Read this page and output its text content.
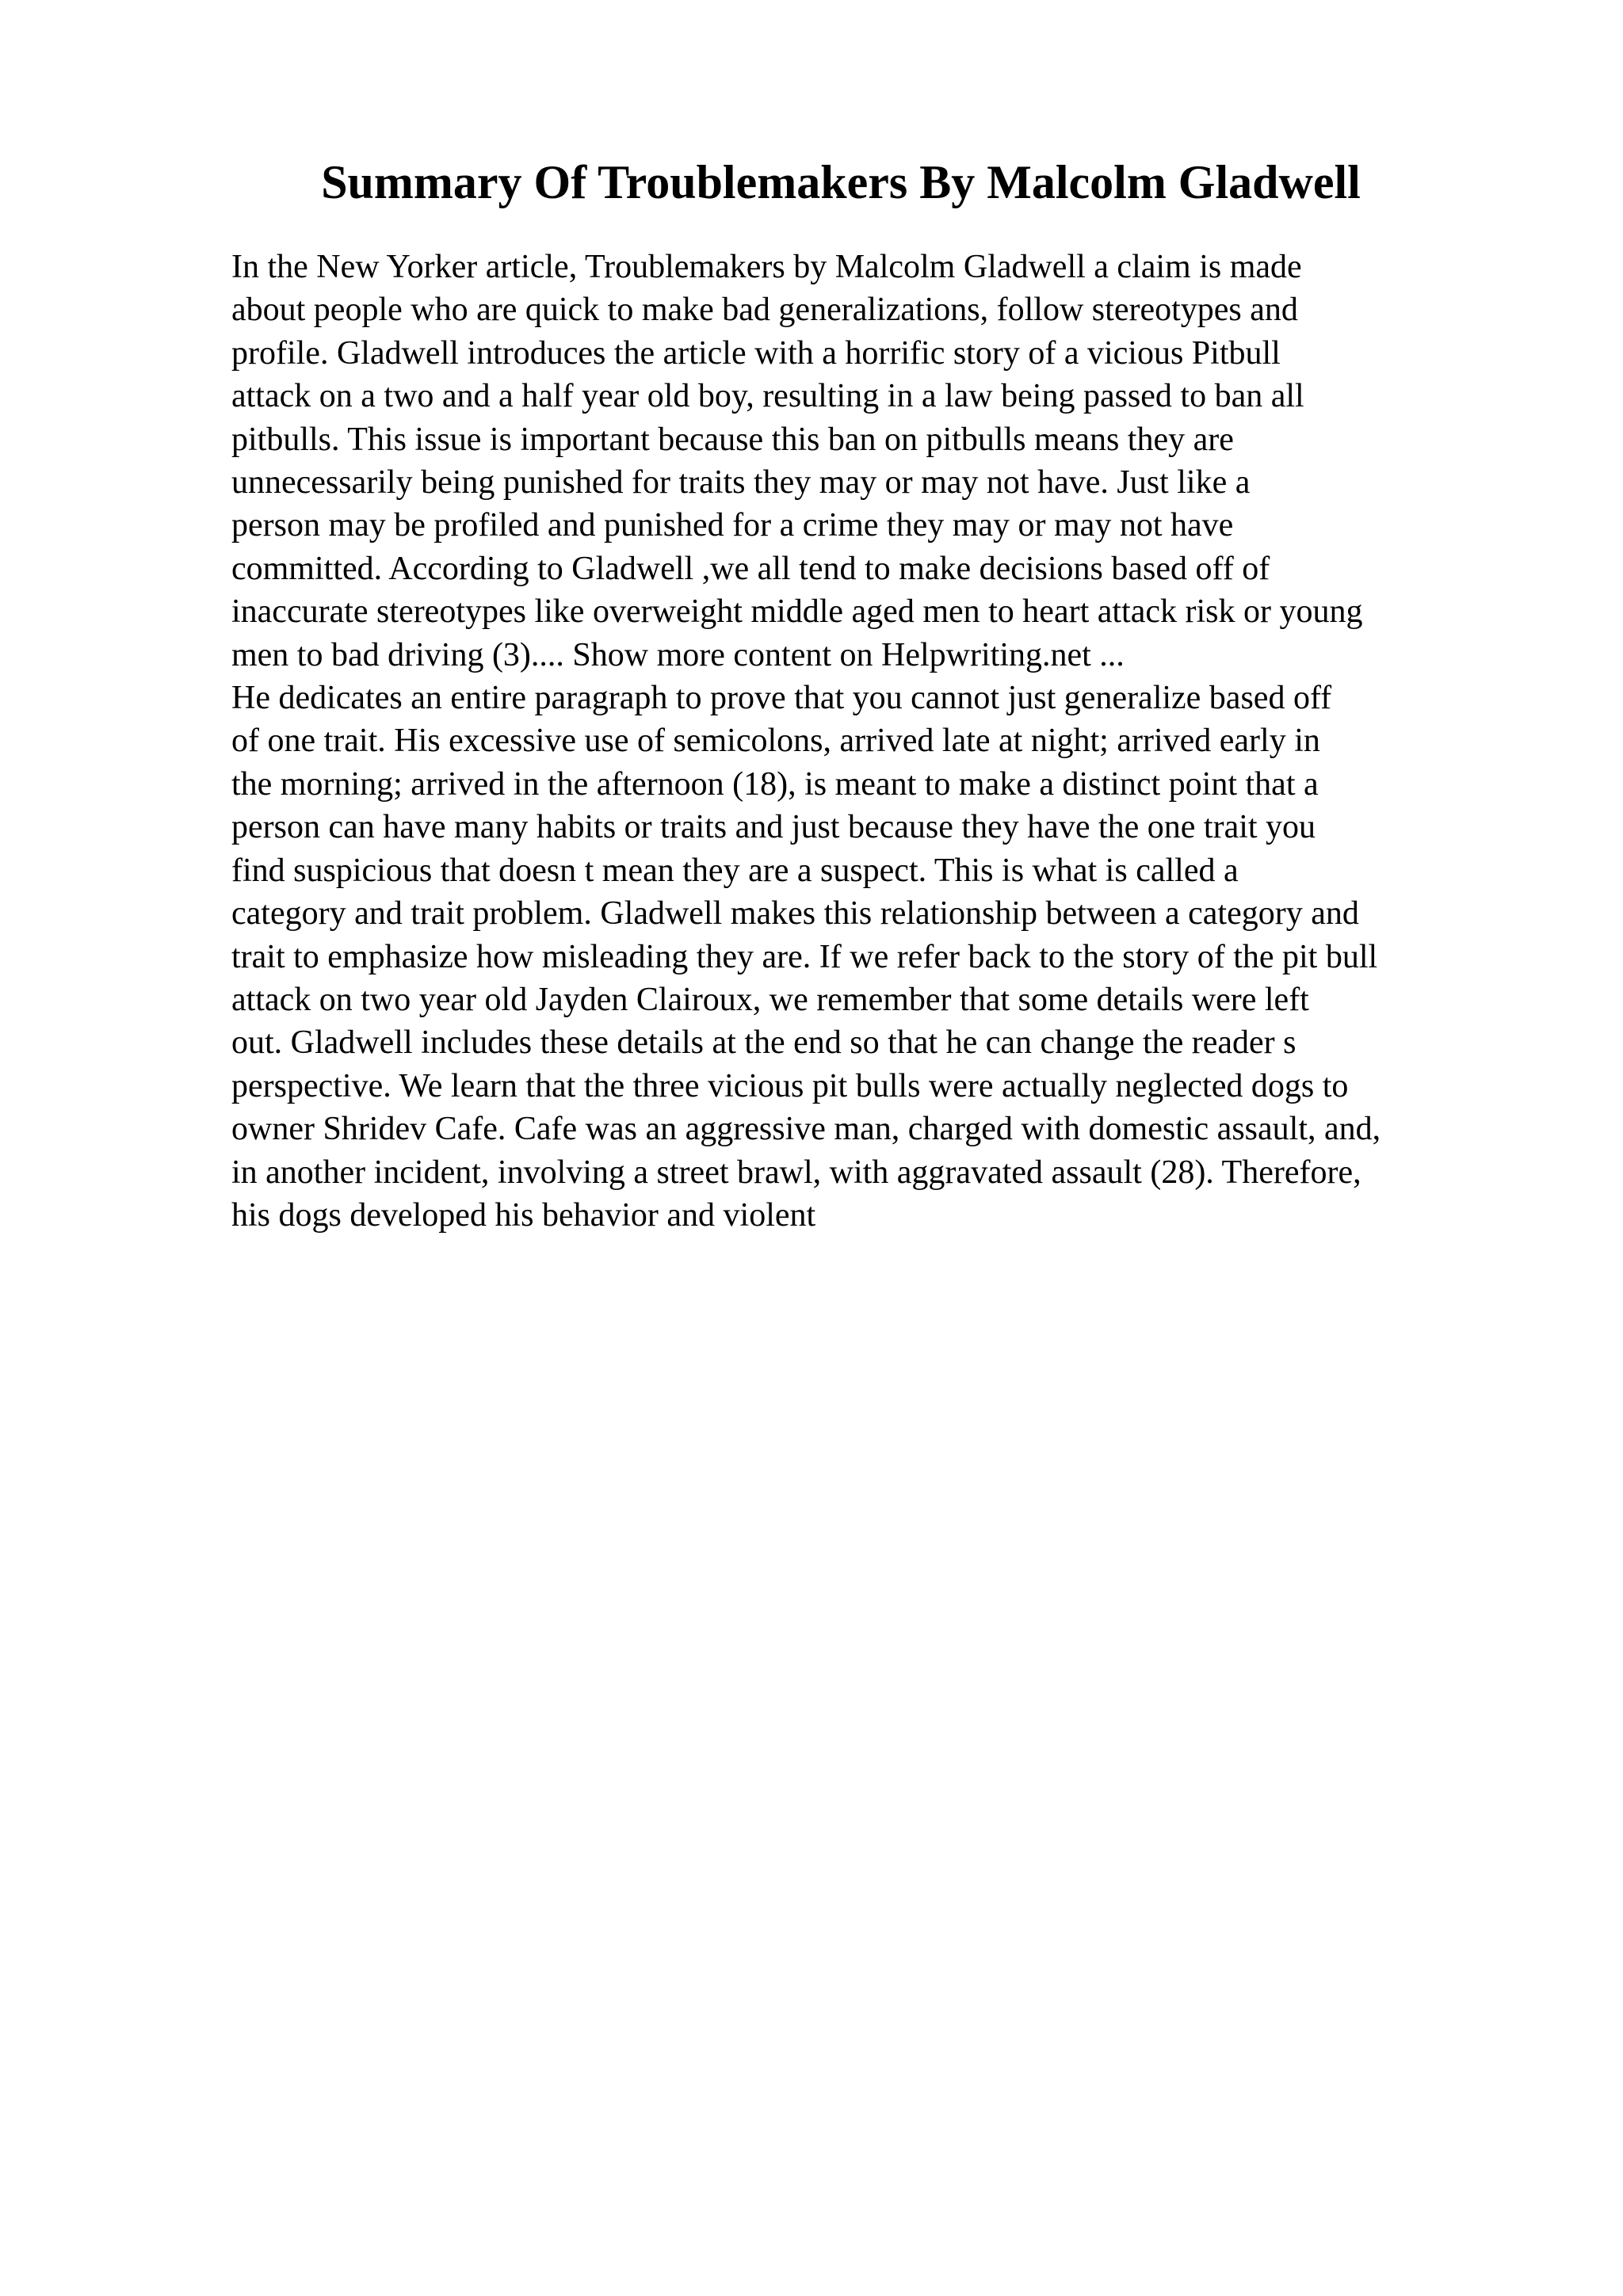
Summary Of Troublemakers By Malcolm Gladwell
In the New Yorker article, Troublemakers by Malcolm Gladwell a claim is made
about people who are quick to make bad generalizations, follow stereotypes and
profile. Gladwell introduces the article with a horrific story of a vicious Pitbull
attack on a two and a half year old boy, resulting in a law being passed to ban all
pitbulls. This issue is important because this ban on pitbulls means they are
unnecessarily being punished for traits they may or may not have. Just like a
person may be profiled and punished for a crime they may or may not have
committed. According to Gladwell ,we all tend to make decisions based off of
inaccurate stereotypes like overweight middle aged men to heart attack risk or young
men to bad driving (3).... Show more content on Helpwriting.net ...
He dedicates an entire paragraph to prove that you cannot just generalize based off
of one trait. His excessive use of semicolons, arrived late at night; arrived early in
the morning; arrived in the afternoon (18), is meant to make a distinct point that a
person can have many habits or traits and just because they have the one trait you
find suspicious that doesn t mean they are a suspect. This is what is called a
category and trait problem. Gladwell makes this relationship between a category and
trait to emphasize how misleading they are. If we refer back to the story of the pit bull
attack on two year old Jayden Clairoux, we remember that some details were left
out. Gladwell includes these details at the end so that he can change the reader s
perspective. We learn that the three vicious pit bulls were actually neglected dogs to
owner Shridev Cafe. Cafe was an aggressive man, charged with domestic assault, and,
in another incident, involving a street brawl, with aggravated assault (28). Therefore,
his dogs developed his behavior and violent
